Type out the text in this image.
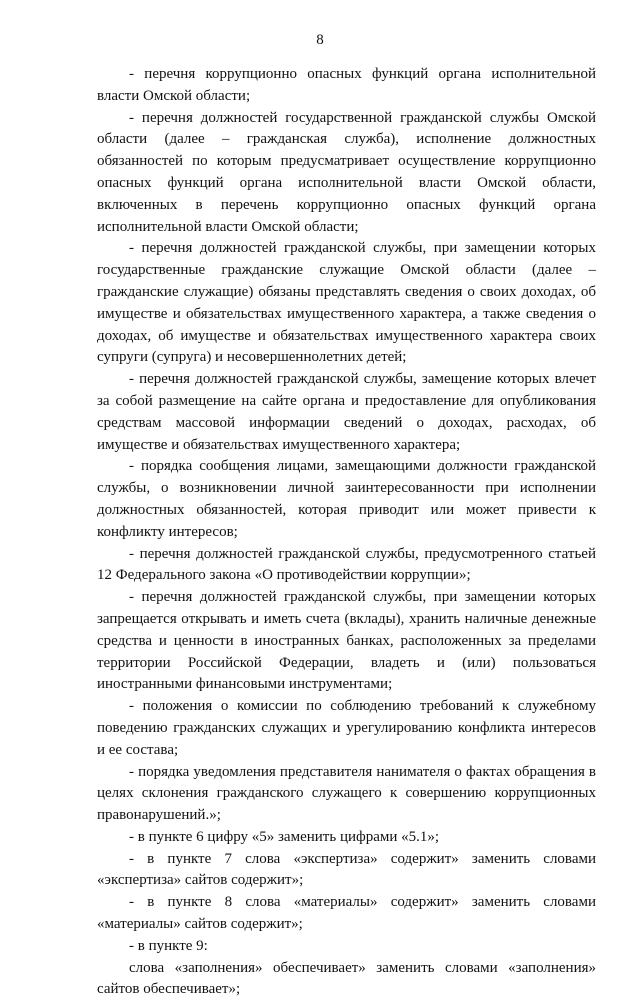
8

- перечня коррупционно опасных функций органа исполнительной власти Омской области;

- перечня должностей государственной гражданской службы Омской области (далее – гражданская служба), исполнение должностных обязанностей по которым предусматривает осуществление коррупционно опасных функций органа исполнительной власти Омской области, включенных в перечень коррупционно опасных функций органа исполнительной власти Омской области;

- перечня должностей гражданской службы, при замещении которых государственные гражданские служащие Омской области (далее – гражданские служащие) обязаны представлять сведения о своих доходах, об имуществе и обязательствах имущественного характера, а также сведения о доходах, об имуществе и обязательствах имущественного характера своих супруги (супруга) и несовершеннолетних детей;

- перечня должностей гражданской службы, замещение которых влечет за собой размещение на сайте органа и предоставление для опубликования средствам массовой информации сведений о доходах, расходах, об имуществе и обязательствах имущественного характера;

- порядка сообщения лицами, замещающими должности гражданской службы, о возникновении личной заинтересованности при исполнении должностных обязанностей, которая приводит или может привести к конфликту интересов;

- перечня должностей гражданской службы, предусмотренного статьей 12 Федерального закона «О противодействии коррупции»;

- перечня должностей гражданской службы, при замещении которых запрещается открывать и иметь счета (вклады), хранить наличные денежные средства и ценности в иностранных банках, расположенных за пределами территории Российской Федерации, владеть и (или) пользоваться иностранными финансовыми инструментами;

- положения о комиссии по соблюдению требований к служебному поведению гражданских служащих и урегулированию конфликта интересов и ее состава;

- порядка уведомления представителя нанимателя о фактах обращения в целях склонения гражданского служащего к совершению коррупционных правонарушений.»;

- в пункте 6 цифру «5» заменить цифрами «5.1»;

- в пункте 7 слова «экспертиза» содержит» заменить словами «экспертиза» сайтов содержит»;

- в пункте 8 слова «материалы» содержит» заменить словами «материалы» сайтов содержит»;

- в пункте 9:

слова «заполнения» обеспечивает» заменить словами «заполнения» сайтов обеспечивает»;
